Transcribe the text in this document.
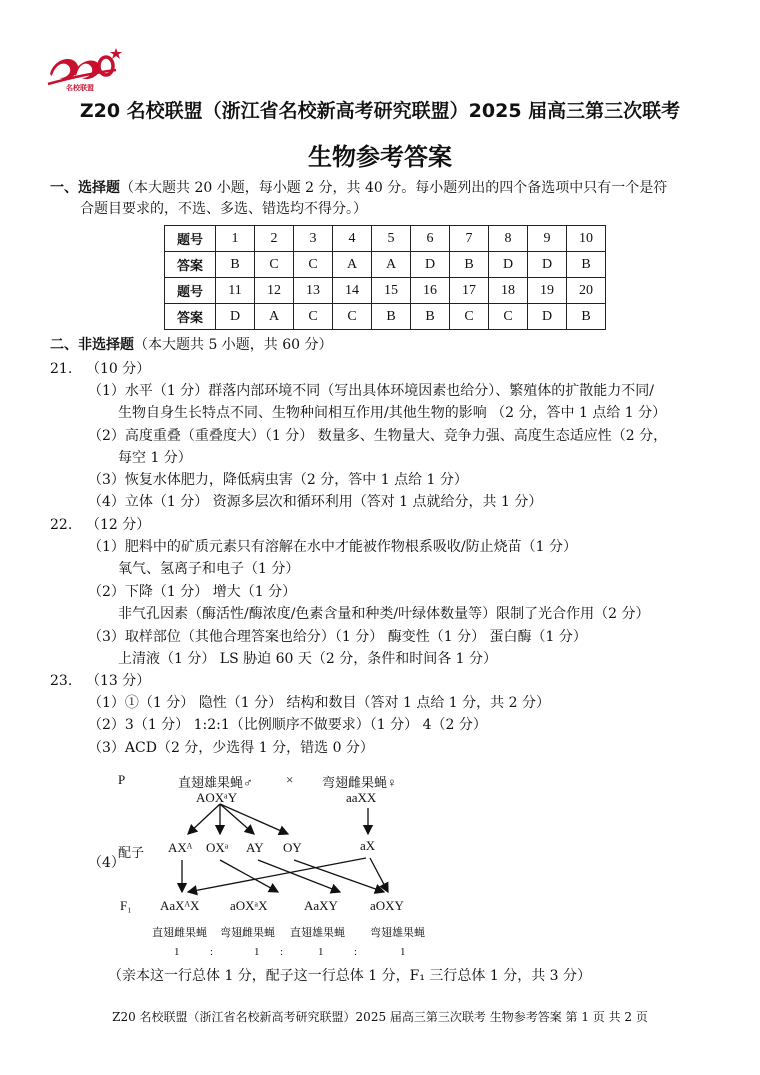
名校联盟
Z20 名校联盟（浙江省名校新高考研究联盟）2025 届高三第三次联考
生物参考答案
一、选择题（本大题共 20 小题，每小题 2 分，共 40 分。每小题列出的四个备选项中只有一个是符
合题目要求的，不选、多选、错选均不得分。）
题号	1	2	3	4	5	6	7	8	9	10
答案	B	C	C	A	A	D	B	D	D	B
题号	11	12	13	14	15	16	17	18	19	20
答案	D	A	C	C	B	B	C	C	D	B
二、非选择题（本大题共 5 小题，共 60 分）
21. （10 分）
（1）水平（1 分）群落内部环境不同（写出具体环境因素也给分）、繁殖体的扩散能力不同/
生物自身生长特点不同、生物种间相互作用/其他生物的影响 （2 分，答中 1 点给 1 分）
（2）高度重叠（重叠度大）（1 分） 数量多、生物量大、竞争力强、高度生态适应性（2 分，
每空 1 分）
（3）恢复水体肥力，降低病虫害（2 分，答中 1 点给 1 分）
（4）立体（1 分） 资源多层次和循环利用（答对 1 点就给分，共 1 分）
22. （12 分）
（1）肥料中的矿质元素只有溶解在水中才能被作物根系吸收/防止烧苗（1 分）
氧气、氢离子和电子（1 分）
（2）下降（1 分） 增大（1 分）
非气孔因素（酶活性/酶浓度/色素含量和种类/叶绿体数量等）限制了光合作用（2 分）
（3）取样部位（其他合理答案也给分）（1 分） 酶变性（1 分） 蛋白酶（1 分）
上清液（1 分） LS 胁迫 60 天（2 分，条件和时间各 1 分）
23. （13 分）
（1）①（1 分） 隐性（1 分） 结构和数目（答对 1 点给 1 分，共 2 分）
（2）3（1 分） 1:2:1（比例顺序不做要求）（1 分） 4（2 分）
（3）ACD（2 分，少选得 1 分，错选 0 分）
（4）
P	直翅雄果蝇♂	× 弯翅雌果蝇♀
AOXᵃY	aaXX
配子 AXᴬ OXᵃ AY OY	aX
F₁ AaXᴬX aOXᵃX	AaXY aOXY
直翅雌果蝇 弯翅雌果蝇 直翅雄果蝇 弯翅雄果蝇
1	:	1 :	1	:	1
（亲本这一行总体 1 分，配子这一行总体 1 分，F₁ 三行总体 1 分，共 3 分）
Z20 名校联盟（浙江省名校新高考研究联盟）2025 届高三第三次联考 生物参考答案 第 1 页 共 2 页
